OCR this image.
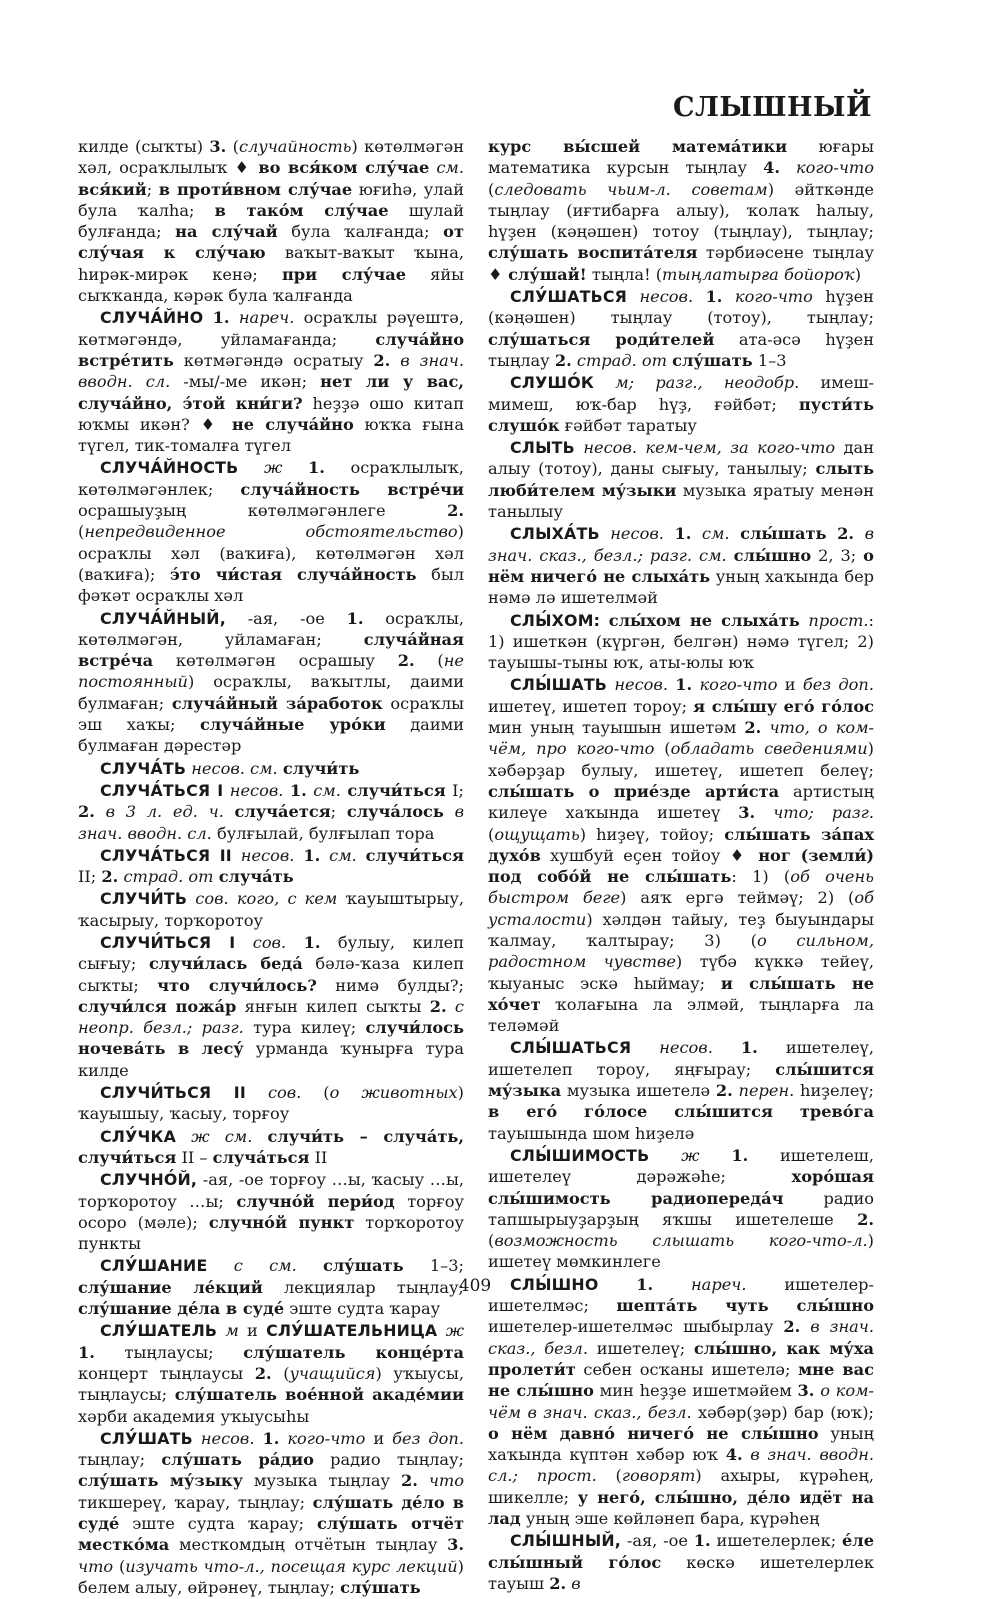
СЛЫШНЫЙ

килде (сыҡты) 3. (случайность) көтөлмәгән хәл, осраҡлылыҡ ♦ во вся́ком слу́чае см. вся́кий; в проти́вном слу́чае юғиһә, улай була ҡалһа; в тако́м слу́чае шулай булғанда; на слу́чай була ҡалғанда; от слу́чая к слу́чаю ваҡыт-ваҡыт ҡына, һирәк-мирәк кенә; при слу́чае яйы сыҡҡанда, кәрәк була ҡалғанда

СЛУЧА́ЙНО 1. нареч. осраҡлы рәүештә, көтмәгәндә, уйламағанда; случа́йно встре́тить көтмәгәндә осратыу 2. в знач. вводн. сл. -мы/-ме икән; нет ли у вас, случа́йно, э́той кни́ги? һеҙҙә ошо китап юҡмы икән? ♦ не случа́йно юҡҡа ғына түгел, тик-томалға түгел

СЛУЧА́ЙНОСТЬ ж 1. осраҡлылыҡ, көтөлмәгәнлек; случа́йность встре́чи осрашыуҙың көтөлмәгәнлеге 2. (непредвиденное обстоятельство) осраҡлы хәл (ваҡиға), көтөлмәгән хәл (ваҡиға); э́то чи́стая случа́йность был фәҡәт осраҡлы хәл

СЛУЧА́ЙНЫЙ, -ая, -ое 1. осраҡлы, көтөлмәгән, уйламаған; случа́йная встре́ча көтөлмәгән осрашыу 2. (не постоянный) осраҡлы, ваҡытлы, даими булмаған; случа́йный за́работок осраҡлы эш хаҡы; случа́йные уро́ки даими булмаған дәрестәр

СЛУЧА́ТЬ несов. см. случи́ть

СЛУЧА́ТЬСЯ I несов. 1. см. случи́ться I; 2. в 3 л. ед. ч. случа́ется; случа́лось в знач. вводн. сл. булғылай, булғылап тора

СЛУЧА́ТЬСЯ II несов. 1. см. случи́ться II; 2. страд. от случа́ть

СЛУЧИ́ТЬ сов. кого, с кем ҡауыштырыу, ҡасырыу, торҡоротоу

СЛУЧИ́ТЬСЯ I сов. 1. булыу, килеп сығыу; случи́лась беда́ бәлә-ҡаза килеп сыҡты; что случи́лось? нимә булды?; случи́лся пожа́р янғын килеп сыҡты 2. с неопр. безл.; разг. тура килеү; случи́лось ночева́ть в лесу́ урманда ҡунырға тура килде

СЛУЧИ́ТЬСЯ II сов. (о животных) ҡауышыу, ҡасыу, торғоу

СЛУ́ЧКА ж см. случи́ть – случа́ть, случи́ться II – случа́ться II

СЛУЧНО́Й, -ая, -ое торғоу …ы, ҡасыу …ы, торҡоротоу …ы; случно́й пери́од торғоу осоро (мәле); случно́й пункт торҡоротоу пункты

СЛУ́ШАНИЕ с см. слу́шать 1–3; слу́шание ле́кций лекциялар тыңлау; слу́шание де́ла в суде́ эште судта ҡарау

СЛУ́ШАТЕЛЬ м и СЛУ́ШАТЕЛЬНИЦА ж 1. тыңлаусы; слу́шатель конце́рта концерт тыңлаусы 2. (учащийся) уҡыусы, тыңлаусы; слу́шатель вое́нной акаде́мии хәрби академия уҡыусыһы

СЛУ́ШАТЬ несов. 1. кого-что и без доп. тыңлау; слу́шать ра́дио радио тыңлау; слу́шать му́зыку музыка тыңлау 2. что тикшереү, ҡарау, тыңлау; слу́шать де́ло в суде́ эште судта ҡарау; слу́шать отчёт местко́ма месткомдың отчётын тыңлау 3. что (изучать что-л., посещая курс лекций) белем алыу, өйрәнеү, тыңлау; слу́шать

курс вы́сшей матема́тики юғары математика курсын тыңлау 4. кого-что (следовать чьим-л. советам) әйткәнде тыңлау (иғтибарға алыу), ҡолаҡ һалыу, һүҙен (кәңәшен) тотоу (тыңлау), тыңлау; слу́шать воспита́теля тәрбиәсене тыңлау ♦ слу́шай! тыңла! (тыңлатырға бойороҡ)

СЛУ́ШАТЬСЯ несов. 1. кого-что һүҙен (кәңәшен) тыңлау (тотоу), тыңлау; слу́шаться роди́телей ата-әсә һүҙен тыңлау 2. страд. от слу́шать 1–3

СЛУШО́К м; разг., неодобр. имеш-мимеш, юҡ-бар һүҙ, ғәйбәт; пусти́ть слушо́к ғәйбәт таратыу

СЛЫТЬ несов. кем-чем, за кого-что дан алыу (тотоу), даны сығыу, танылыу; слыть люби́телем му́зыки музыка яратыу менән танылыу

СЛЫХА́ТЬ несов. 1. см. слы́шать 2. в знач. сказ., безл.; разг. см. слы́шно 2, 3; о нём ничего́ не слыха́ть уның хаҡында бер нәмә лә ишетелмәй

СЛЫ́ХОМ: слы́хом не слыха́ть прост.: 1) ишеткән (күргән, белгән) нәмә түгел; 2) тауышы-тыны юҡ, аты-юлы юҡ

СЛЫ́ШАТЬ несов. 1. кого-что и без доп. ишетеү, ишетеп тороу; я слы́шу его́ го́лос мин уның тауышын ишетәм 2. что, о ком-чём, про кого-что (обладать сведениями) хәбәрҙар булыу, ишетеү, ишетеп белеү; слы́шать о прие́зде арти́ста артистың килеүе хаҡында ишетеү 3. что; разг. (ощущать) һиҙеү, тойоу; слы́шать за́пах духо́в хушбуй еҫен тойоу ♦ ног (земли́) под собо́й не слы́шать: 1) (об очень быстром беге) аяҡ ергә теймәү; 2) (об усталости) хәлдән тайыу, теҙ быуындары ҡалмау, ҡалтырау; 3) (о сильном, радостном чувстве) түбә күккә тейеү, ҡыуаныс эскә һыймау; и слы́шать не хо́чет ҡолағына ла элмәй, тыңларға ла теләмәй

СЛЫ́ШАТЬСЯ несов. 1. ишетелеү, ишетелеп тороу, яңғырау; слы́шится му́зыка музыка ишетелә 2. перен. һиҙелеү; в его́ го́лосе слы́шится трево́га тауышында шом һиҙелә

СЛЫ́ШИМОСТЬ ж 1. ишетелеш, ишетелеү дәрәжәһе; хоро́шая слы́шимость радиопереда́ч радио тапшырыуҙарҙың яҡшы ишетелеше 2. (возможность слышать кого-что-л.) ишетеү мөмкинлеге

СЛЫ́ШНО 1. нареч. ишетелер-ишетелмәс; шепта́ть чуть слы́шно ишетелер-ишетелмәс шыбырлау 2. в знач. сказ., безл. ишетелеү; слы́шно, как му́ха пролети́т себен осҡаны ишетелә; мне вас не слы́шно мин һеҙҙе ишетмәйем 3. о ком-чём в знач. сказ., безл. хәбәр(ҙәр) бар (юҡ); о нём давно́ ничего́ не слы́шно уның хаҡында күптән хәбәр юҡ 4. в знач. вводн. сл.; прост. (говорят) ахыры, күрәһең, шикелле; у него́, слы́шно, де́ло идёт на лад уның эше көйләнеп бара, күрәһең

СЛЫ́ШНЫЙ, -ая, -ое 1. ишетелерлек; е́ле слы́шный го́лос көскә ишетелерлек тауыш 2. в

409
